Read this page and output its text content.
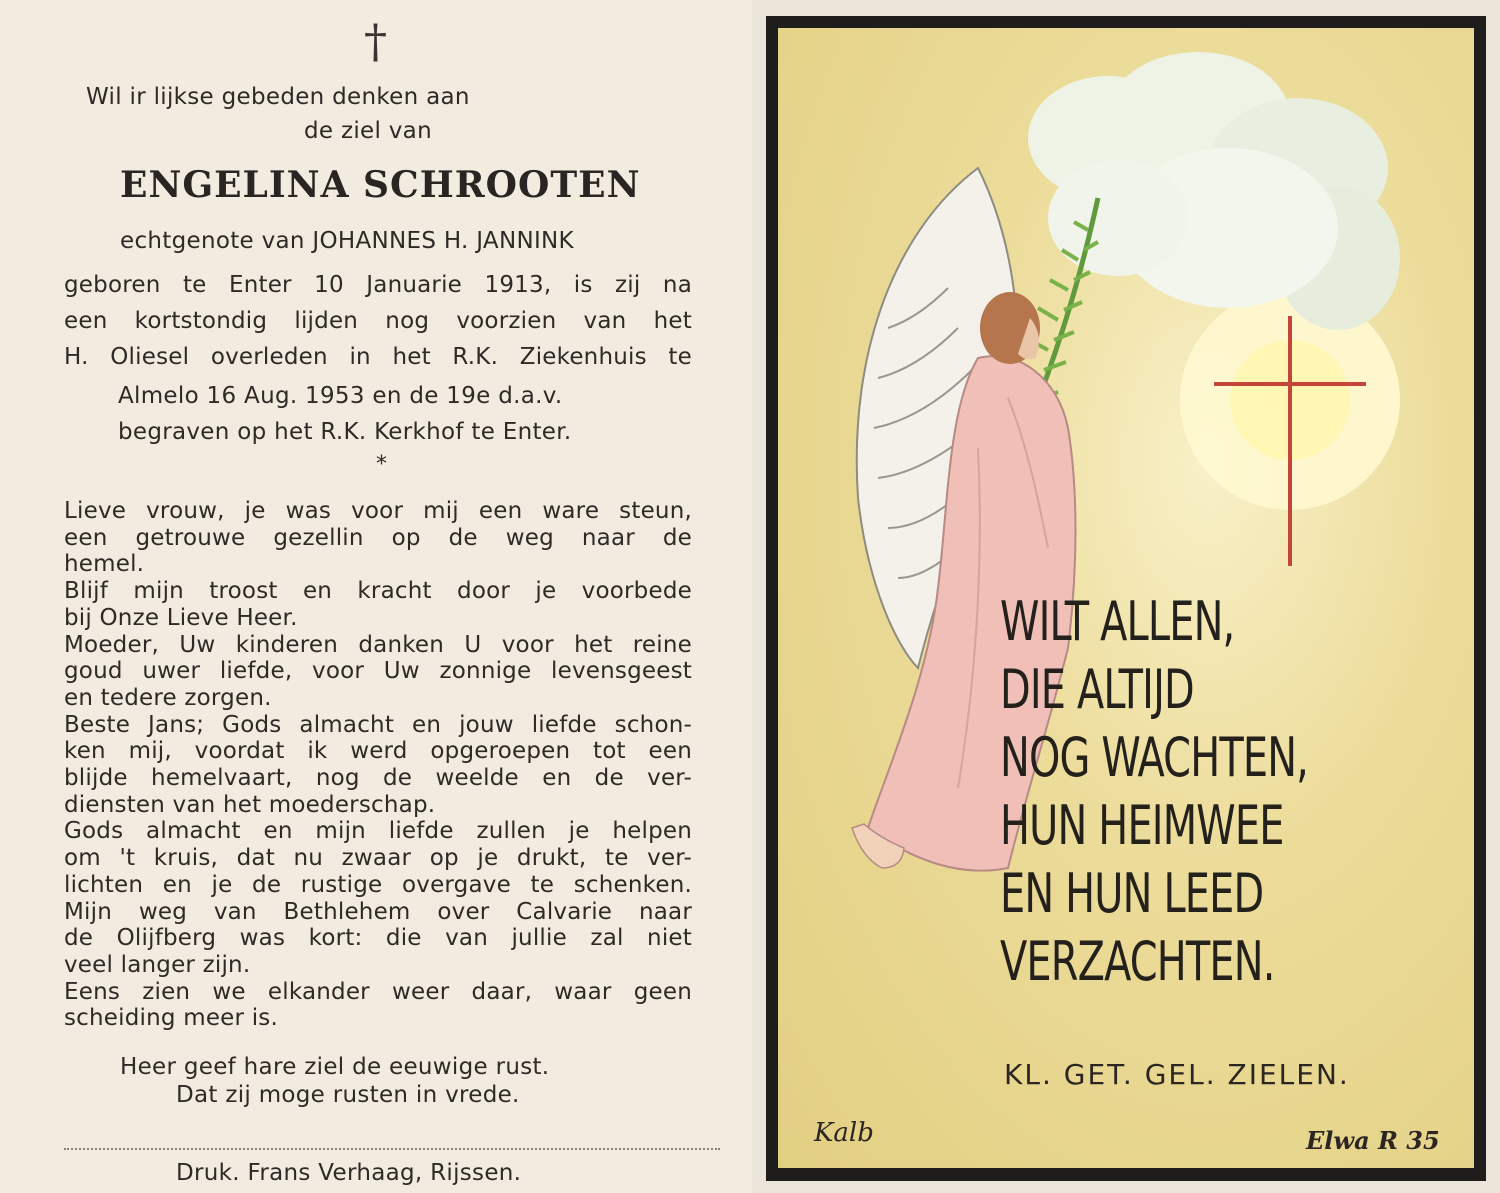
†
Wil ir lijkse gebeden denken aan
de ziel van
ENGELINA SCHROOTEN
echtgenote van JOHANNES H. JANNINK
geboren te Enter 10 Januarie 1913, is zij na
een kortstondig lijden nog voorzien van het
H. Oliesel overleden in het R.K. Ziekenhuis te
Almelo 16 Aug. 1953 en de 19e d.a.v.
begraven op het R.K. Kerkhof te Enter.
*
Lieve vrouw, je was voor mij een ware steun,
een getrouwe gezellin op de weg naar de
hemel.
Blijf mijn troost en kracht door je voorbede
bij Onze Lieve Heer.
Moeder, Uw kinderen danken U voor het reine
goud uwer liefde, voor Uw zonnige levensgeest
en tedere zorgen.
Beste Jans; Gods almacht en jouw liefde schon-
ken mij, voordat ik werd opgeroepen tot een
blijde hemelvaart, nog de weelde en de ver-
diensten van het moederschap.
Gods almacht en mijn liefde zullen je helpen
om 't kruis, dat nu zwaar op je drukt, te ver-
lichten en je de rustige overgave te schenken.
Mijn weg van Bethlehem over Calvarie naar
de Olijfberg was kort: die van jullie zal niet
veel langer zijn.
Eens zien we elkander weer daar, waar geen
scheiding meer is.
Heer geef hare ziel de eeuwige rust.
Dat zij moge rusten in vrede.
Druk. Frans Verhaag, Rijssen.
WILT ALLEN,
DIE ALTIJD
NOG WACHTEN,
HUN HEIMWEE
EN HUN LEED
VERZACHTEN.
KL. GET. GEL. ZIELEN.
Kalb	Elwa R 35
